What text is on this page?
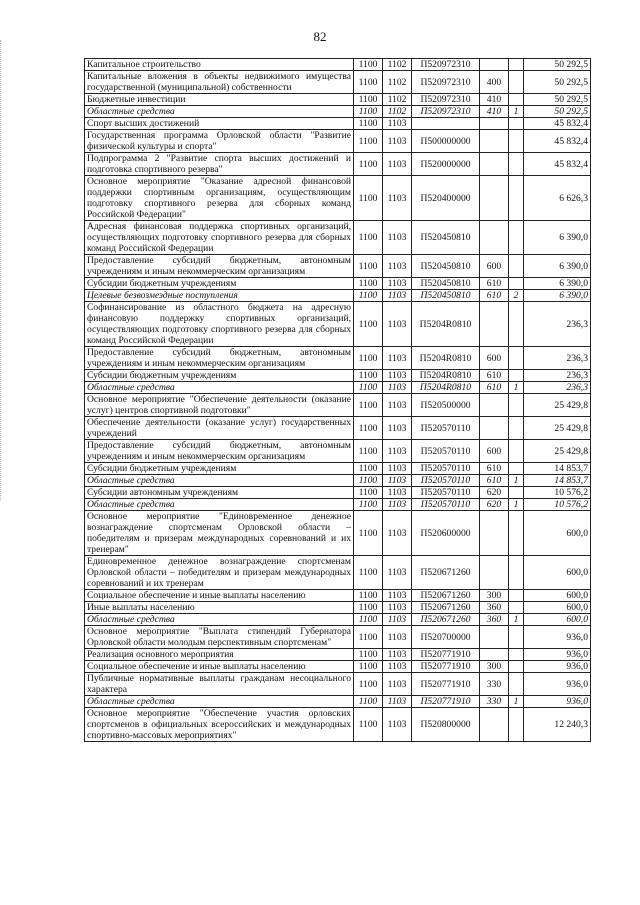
82
Капитальное строительство	1100	1102	П520972310			50 292,5
Капитальные вложения в объекты недвижимого имущества государственной (муниципальной) собственности	1100	1102	П520972310	400		50 292,5
Бюджетные инвестиции	1100	1102	П520972310	410		50 292,5
Областные средства	1100	1102	П520972310	410	1	50 292,5
Спорт высших достижений	1100	1103				45 832,4
Государственная программа Орловской области "Развитие физической культуры и спорта"	1100	1103	П500000000			45 832,4
Подпрограмма 2 "Развитие спорта высших достижений и подготовка спортивного резерва"	1100	1103	П520000000			45 832,4
Основное мероприятие "Оказание адресной финансовой поддержки спортивным организациям, осуществляющим подготовку спортивного резерва для сборных команд Российской Федерации"	1100	1103	П520400000			6 626,3
Адресная финансовая поддержка спортивных организаций, осуществляющих подготовку спортивного резерва для сборных команд Российской Федерации	1100	1103	П520450810			6 390,0
Предоставление субсидий бюджетным, автономным учреждениям и иным некоммерческим организациям	1100	1103	П520450810	600		6 390,0
Субсидии бюджетным учреждениям	1100	1103	П520450810	610		6 390,0
Целевые безвозмездные поступления	1100	1103	П520450810	610	2	6 390,0
Софинансирование из областного бюджета на адресную финансовую поддержку спортивных организаций, осуществляющих подготовку спортивного резерва для сборных команд Российской Федерации	1100	1103	П5204R0810			236,3
Предоставление субсидий бюджетным, автономным учреждениям и иным некоммерческим организациям	1100	1103	П5204R0810	600		236,3
Субсидии бюджетным учреждениям	1100	1103	П5204R0810	610		236,3
Областные средства	1100	1103	П5204R0810	610	1	236,3
Основное мероприятие "Обеспечение деятельности (оказание услуг) центров спортивной подготовки"	1100	1103	П520500000			25 429,8
Обеспечение деятельности (оказание услуг) государственных учреждений	1100	1103	П520570110			25 429,8
Предоставление субсидий бюджетным, автономным учреждениям и иным некоммерческим организациям	1100	1103	П520570110	600		25 429,8
Субсидии бюджетным учреждениям	1100	1103	П520570110	610		14 853,7
Областные средства	1100	1103	П520570110	610	1	14 853,7
Субсидии автономным учреждениям	1100	1103	П520570110	620		10 576,2
Областные средства	1100	1103	П520570110	620	1	10 576,2
Основное мероприятие "Единовременное денежное вознаграждение спортсменам Орловской области – победителям и призерам международных соревнований и их тренерам"	1100	1103	П520600000			600,0
Единовременное денежное вознаграждение спортсменам Орловской области – победителям и призерам международных соревнований и их тренерам	1100	1103	П520671260			600,0
Социальное обеспечение и иные выплаты населению	1100	1103	П520671260	300		600,0
Иные выплаты населению	1100	1103	П520671260	360		600,0
Областные средства	1100	1103	П520671260	360	1	600,0
Основное мероприятие "Выплата стипендий Губернатора Орловской области молодым перспективным спортсменам"	1100	1103	П520700000			936,0
Реализация основного мероприятия	1100	1103	П520771910			936,0
Социальное обеспечение и иные выплаты населению	1100	1103	П520771910	300		936,0
Публичные нормативные выплаты гражданам несоциального характера	1100	1103	П520771910	330		936,0
Областные средства	1100	1103	П520771910	330	1	936,0
Основное мероприятие "Обеспечение участия орловских спортсменов в официальных всероссийских и международных спортивно-массовых мероприятиях"	1100	1103	П520800000			12 240,3
